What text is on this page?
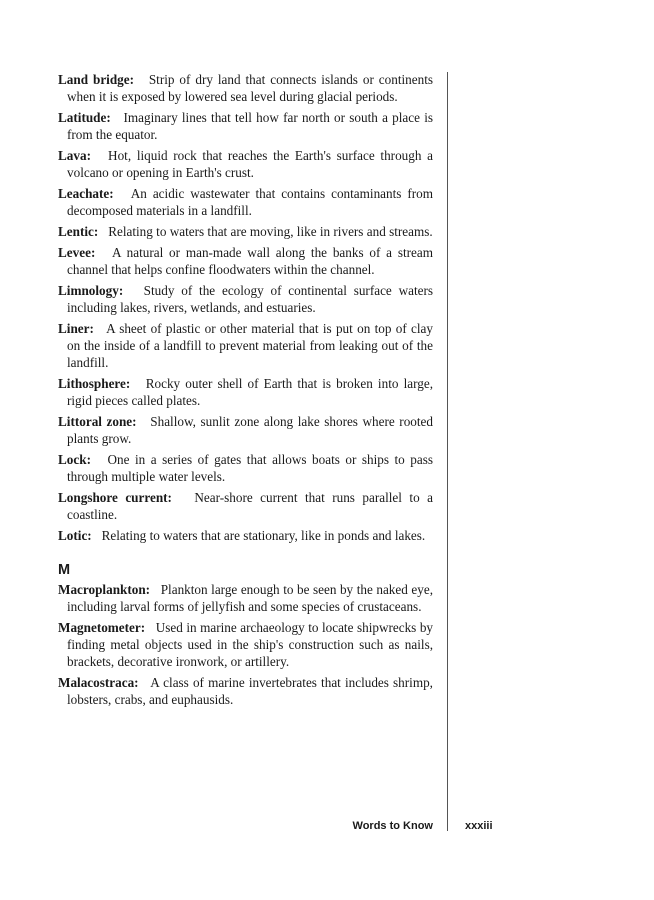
Land bridge: Strip of dry land that connects islands or continents when it is exposed by lowered sea level during glacial periods.

Latitude: Imaginary lines that tell how far north or south a place is from the equator.

Lava: Hot, liquid rock that reaches the Earth's surface through a volcano or opening in Earth's crust.

Leachate: An acidic wastewater that contains contaminants from decomposed materials in a landfill.

Lentic: Relating to waters that are moving, like in rivers and streams.

Levee: A natural or man-made wall along the banks of a stream channel that helps confine floodwaters within the channel.

Limnology: Study of the ecology of continental surface waters including lakes, rivers, wetlands, and estuaries.

Liner: A sheet of plastic or other material that is put on top of clay on the inside of a landfill to prevent material from leaking out of the landfill.

Lithosphere: Rocky outer shell of Earth that is broken into large, rigid pieces called plates.

Littoral zone: Shallow, sunlit zone along lake shores where rooted plants grow.

Lock: One in a series of gates that allows boats or ships to pass through multiple water levels.

Longshore current: Near-shore current that runs parallel to a coastline.

Lotic: Relating to waters that are stationary, like in ponds and lakes.

M

Macroplankton: Plankton large enough to be seen by the naked eye, including larval forms of jellyfish and some species of crustaceans.

Magnetometer: Used in marine archaeology to locate shipwrecks by finding metal objects used in the ship's construction such as nails, brackets, decorative ironwork, or artillery.

Malacostraca: A class of marine invertebrates that includes shrimp, lobsters, crabs, and euphausids.

Words to Know	xxxiii
